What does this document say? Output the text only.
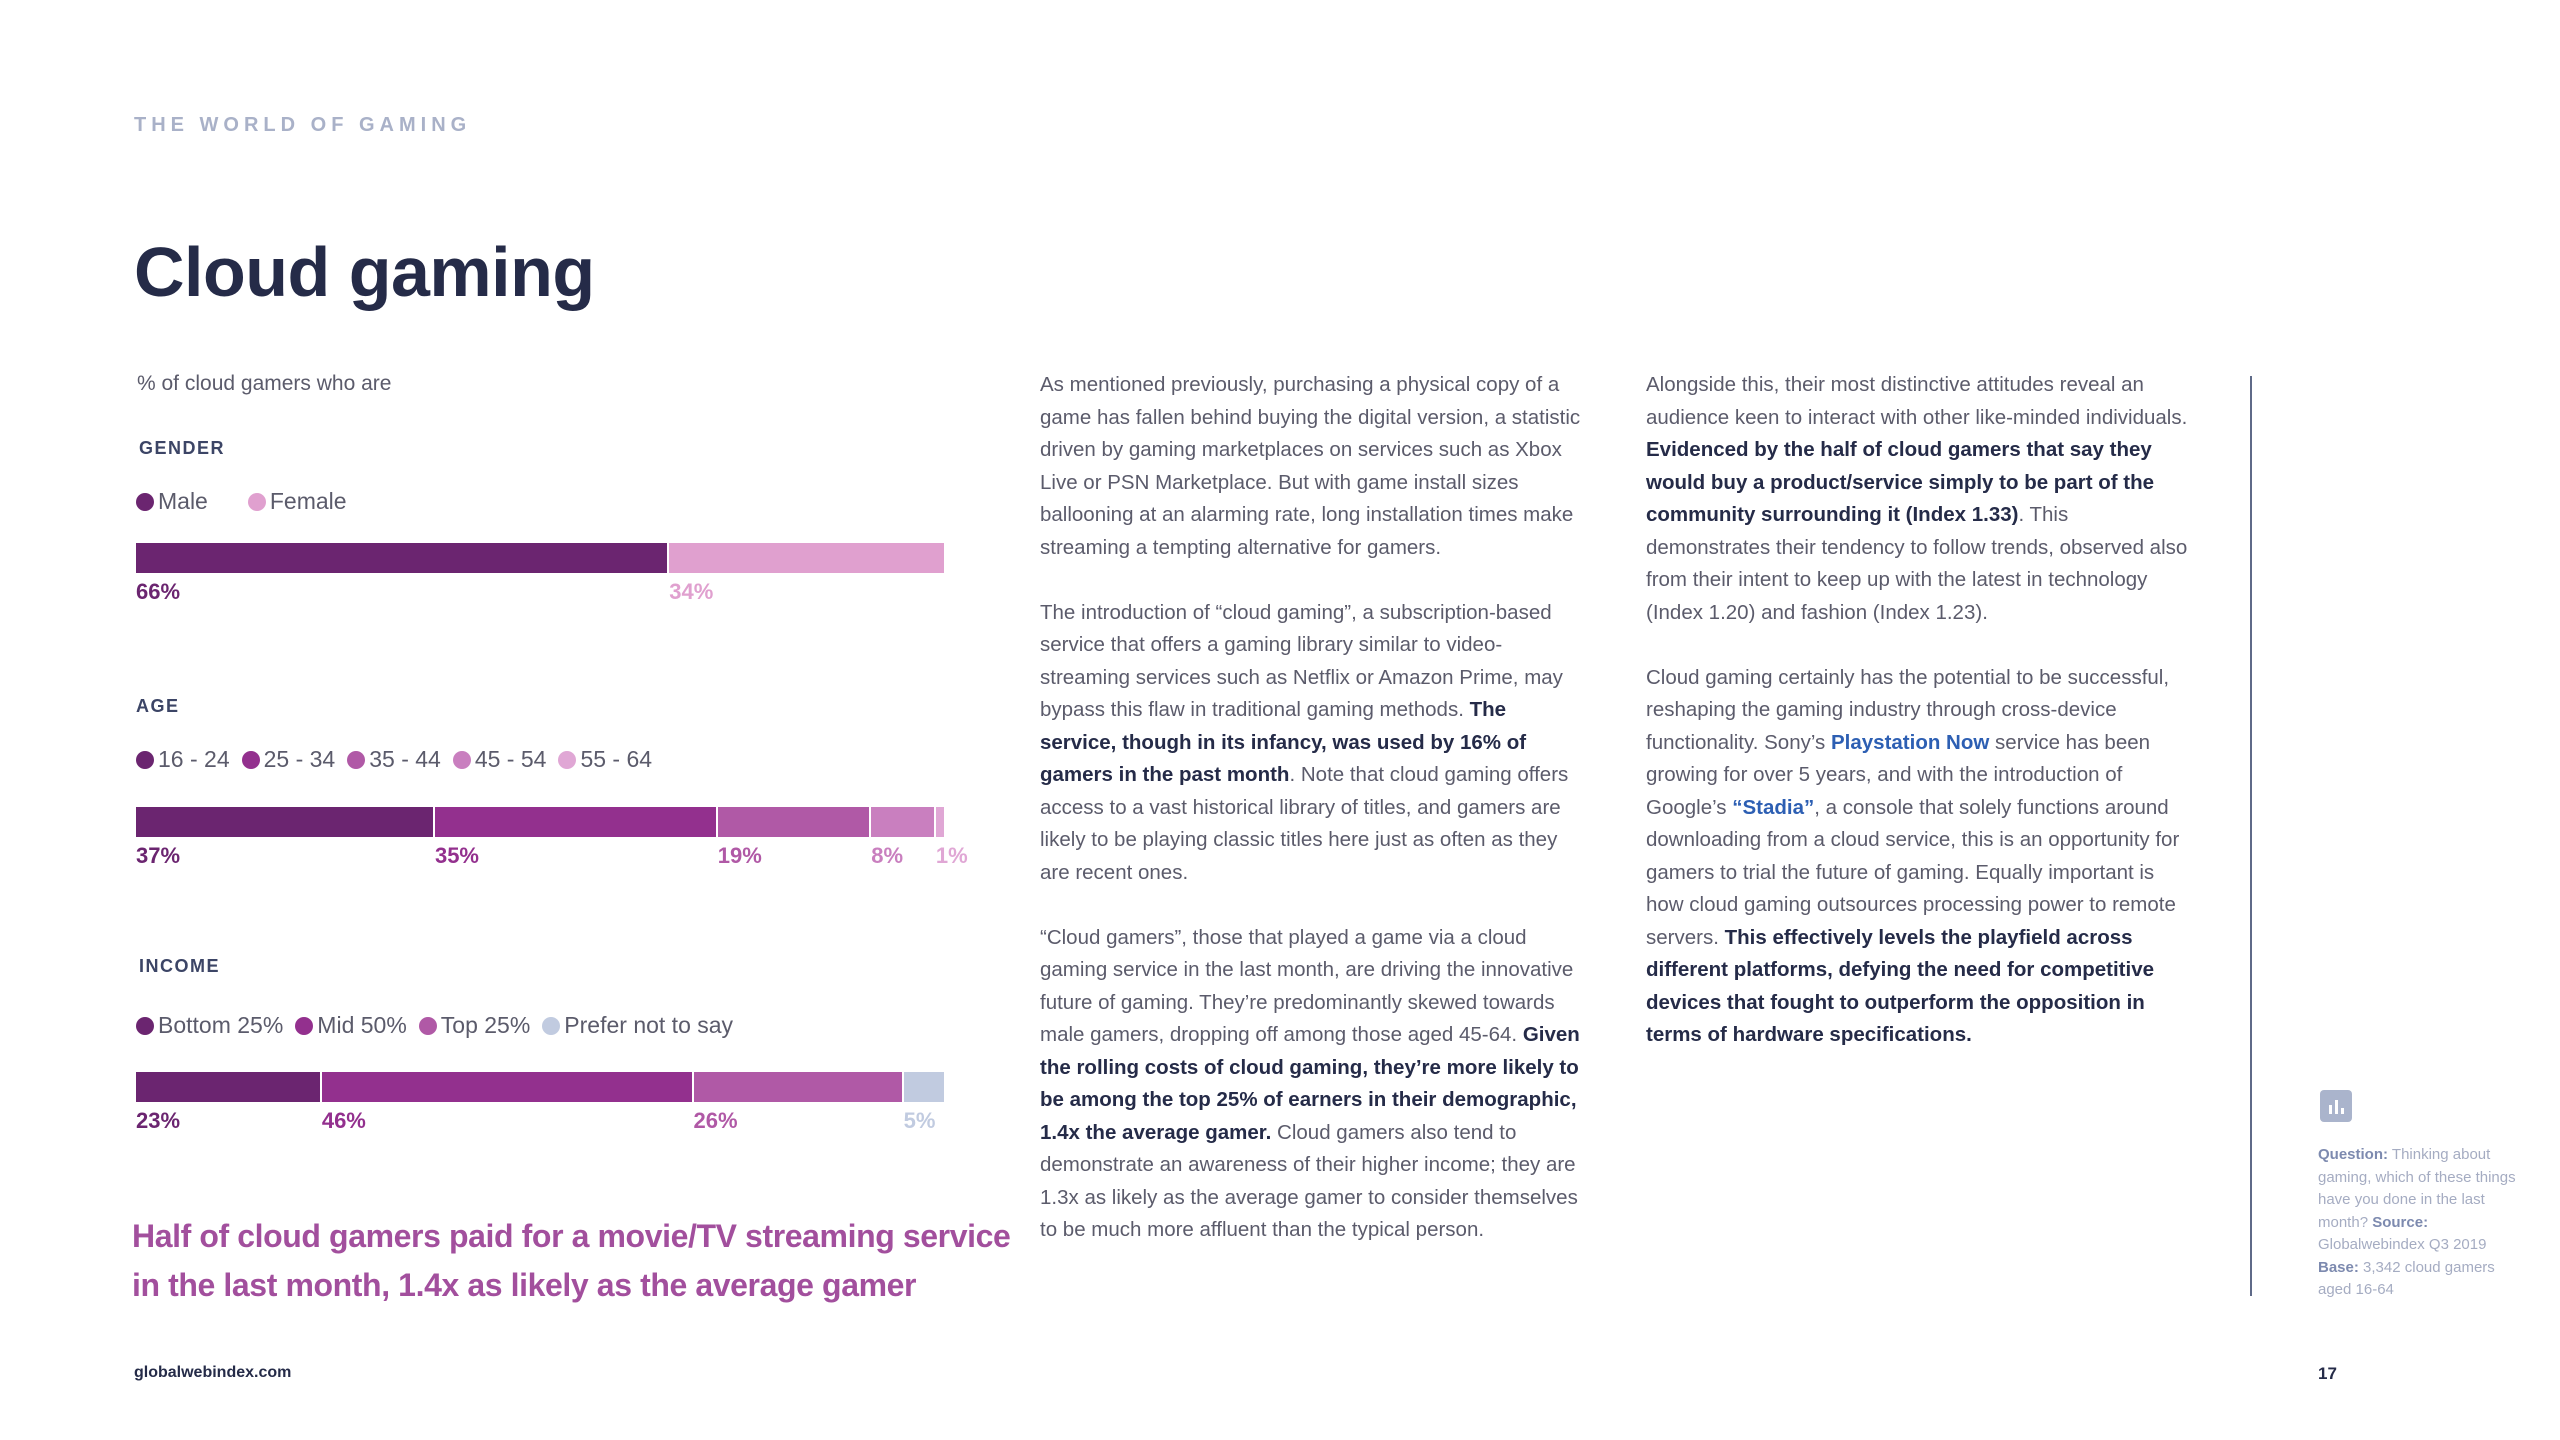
THE WORLD OF GAMING
Cloud gaming
% of cloud gamers who are
GENDER
Male	Female
66%	34%
AGE
16 - 24 25 - 34 35 - 44 45 - 54 55 - 64
37%	35%	19%	8% 1%
INCOME
Bottom 25% Mid 50% Top 25% Prefer not to say
23%	46%	26%	5%
Half of cloud gamers paid for a movie/TV streaming service in the last month, 1.4x as likely as the average gamer

As mentioned previously, purchasing a physical copy of a game has fallen behind buying the digital version, a statistic driven by gaming marketplaces on services such as Xbox Live or PSN Marketplace. But with game install sizes ballooning at an alarming rate, long installation times make streaming a tempting alternative for gamers.

The introduction of “cloud gaming”, a subscription-based service that offers a gaming library similar to video-streaming services such as Netflix or Amazon Prime, may bypass this flaw in traditional gaming methods. The service, though in its infancy, was used by 16% of gamers in the past month. Note that cloud gaming offers access to a vast historical library of titles, and gamers are likely to be playing classic titles here just as often as they are recent ones.

“Cloud gamers”, those that played a game via a cloud gaming service in the last month, are driving the innovative future of gaming. They’re predominantly skewed towards male gamers, dropping off among those aged 45-64. Given the rolling costs of cloud gaming, they’re more likely to be among the top 25% of earners in their demographic, 1.4x the average gamer. Cloud gamers also tend to demonstrate an awareness of their higher income; they are 1.3x as likely as the average gamer to consider themselves to be much more affluent than the typical person.

Alongside this, their most distinctive attitudes reveal an audience keen to interact with other like-minded individuals. Evidenced by the half of cloud gamers that say they would buy a product/service simply to be part of the community surrounding it (Index 1.33). This demonstrates their tendency to follow trends, observed also from their intent to keep up with the latest in technology (Index 1.20) and fashion (Index 1.23).

Cloud gaming certainly has the potential to be successful, reshaping the gaming industry through cross-device functionality. Sony’s Playstation Now service has been growing for over 5 years, and with the introduction of Google’s “Stadia”, a console that solely functions around downloading from a cloud service, this is an opportunity for gamers to trial the future of gaming. Equally important is how cloud gaming outsources processing power to remote servers. This effectively levels the playfield across different platforms, defying the need for competitive devices that fought to outperform the opposition in terms of hardware specifications.

Question: Thinking about gaming, which of these things have you done in the last month? Source: Globalwebindex Q3 2019 Base: 3,342 cloud gamers aged 16-64
globalwebindex.com	17
